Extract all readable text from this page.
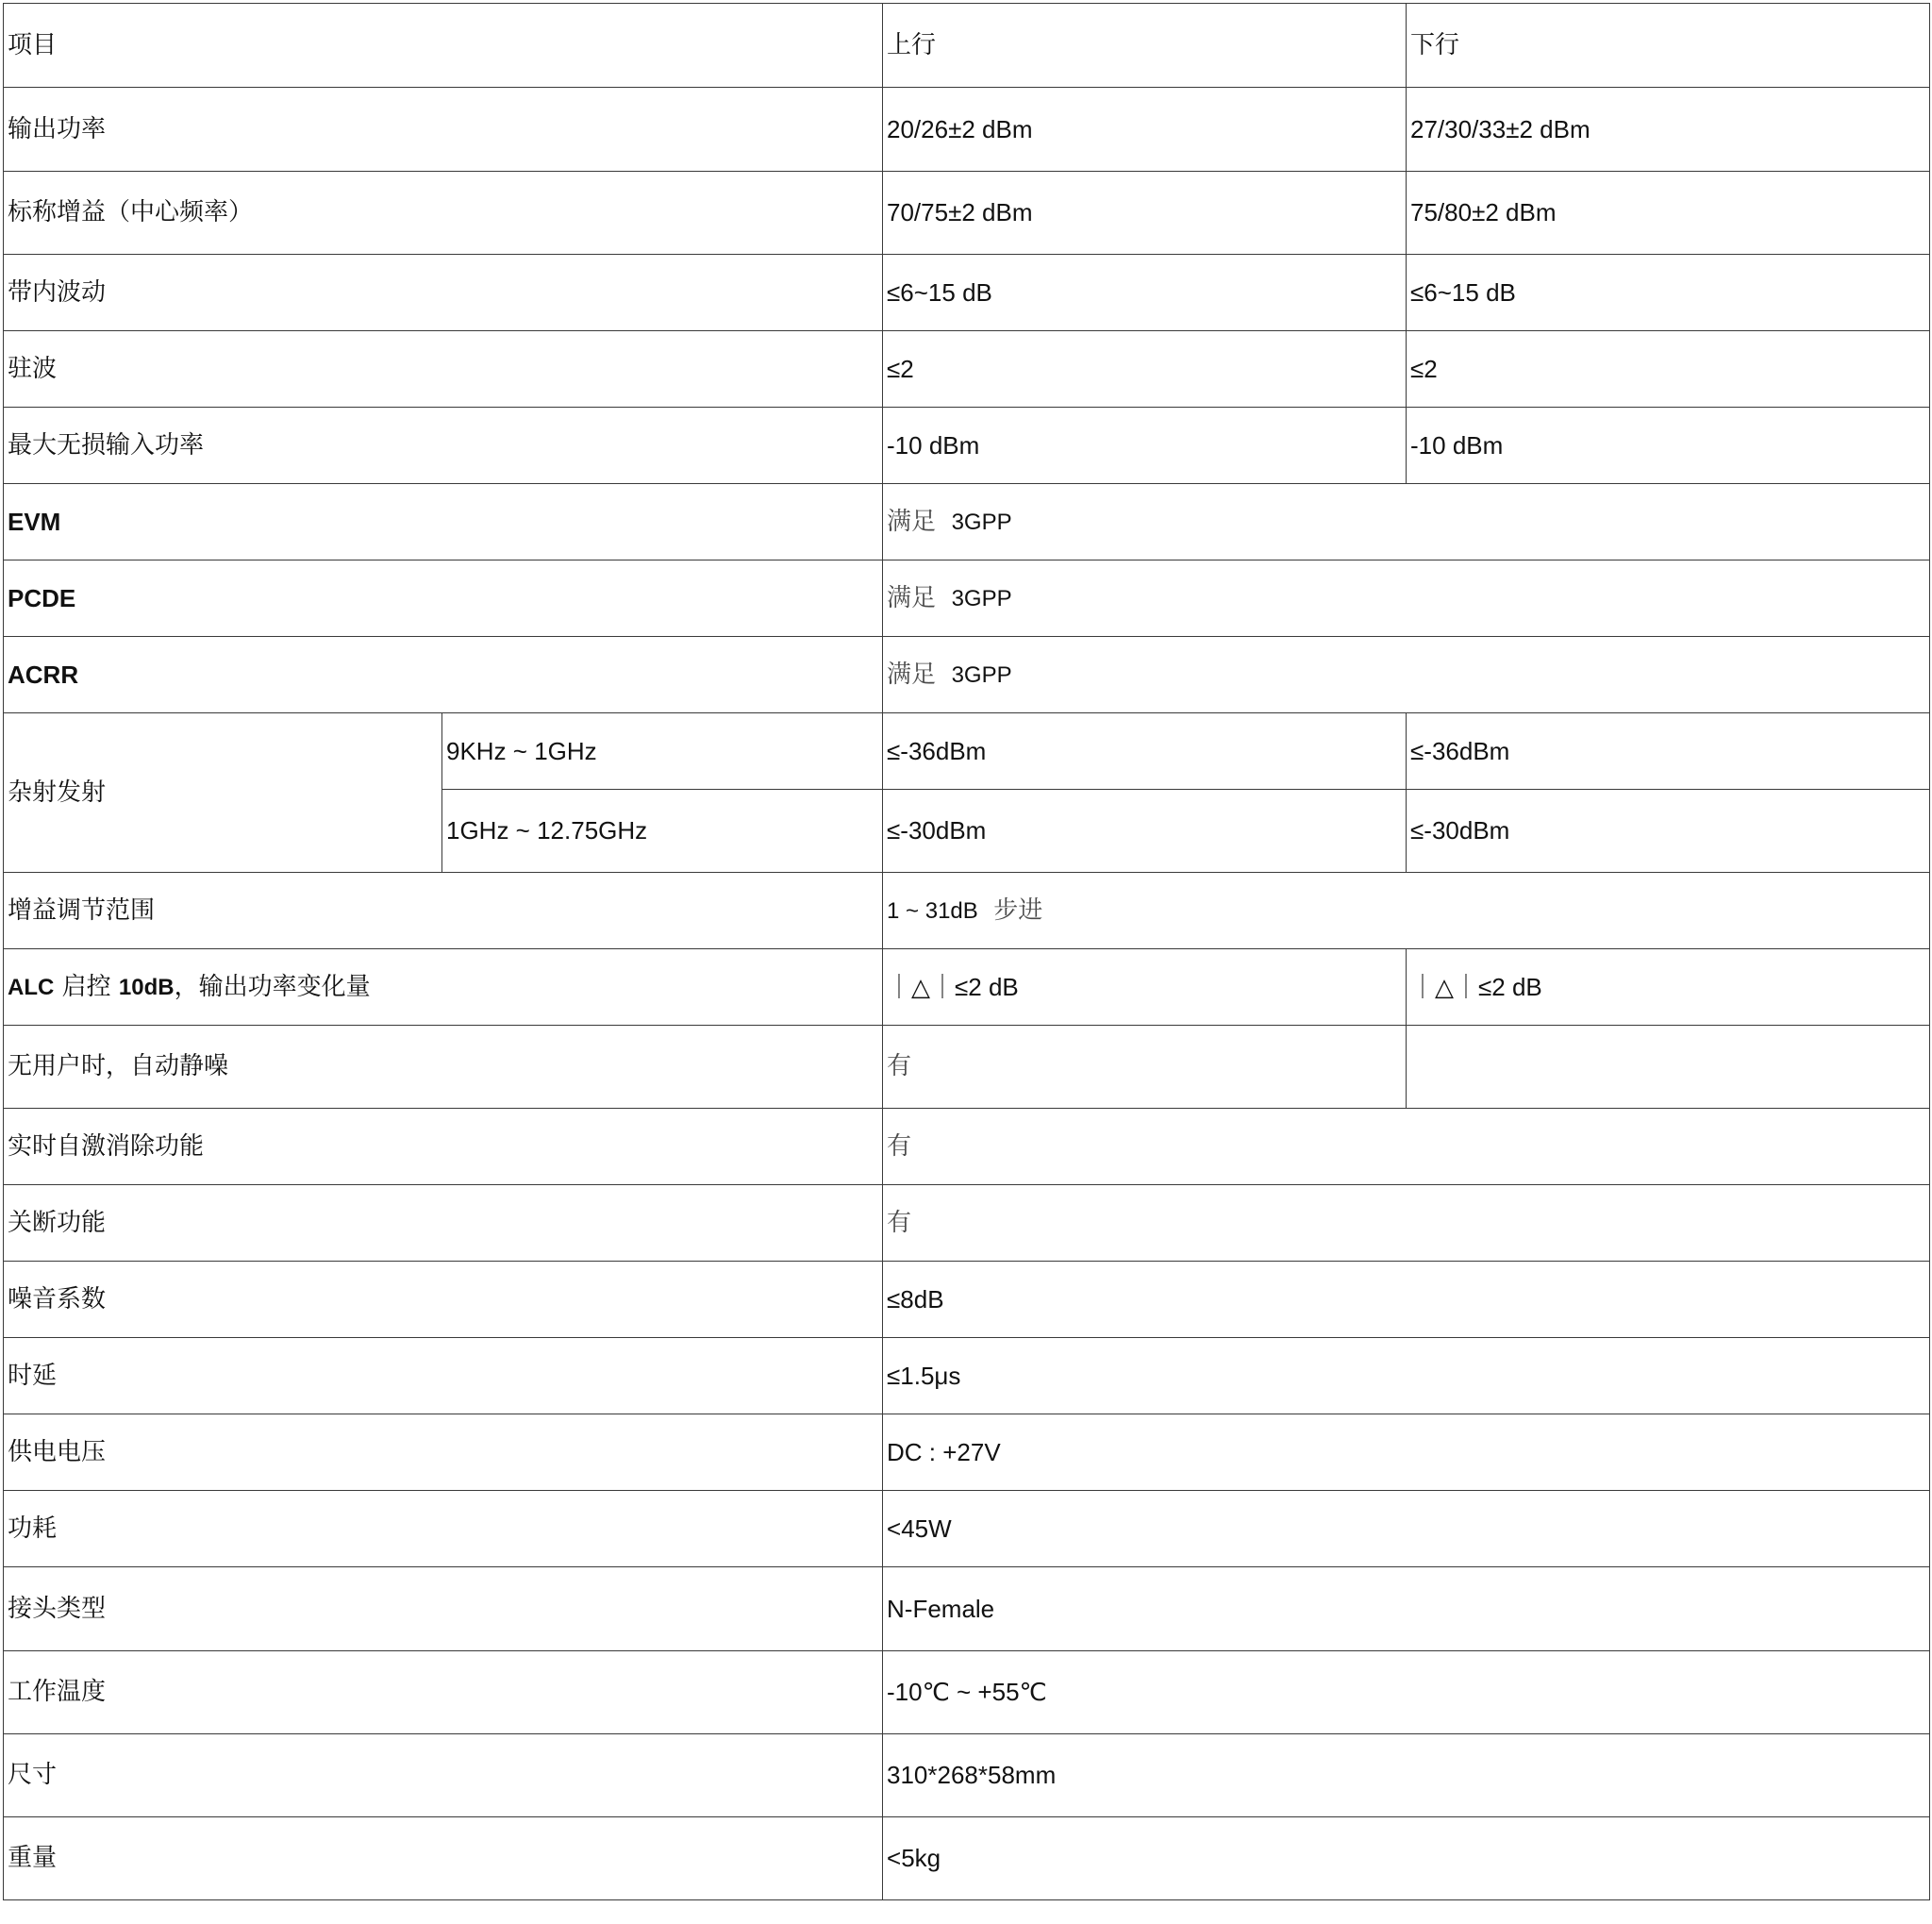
项目		上行	下行
输出功率		20/26±2 dBm	27/30/33±2 dBm
标称增益（中心频率）		70/75±2 dBm	75/80±2 dBm
带内波动		≤6~15 dB	≤6~15 dB
驻波		≤2	≤2
最大无损输入功率		-10 dBm	-10 dBm
EVM		满足 3GPP	
PCDE		满足 3GPP	
ACRR		满足 3GPP	
杂射发射	9KHz ~ 1GHz	≤-36dBm	≤-36dBm
	1GHz ~ 12.75GHz	≤-30dBm	≤-30dBm
增益调节范围		1 ~ 31dB 步进	
ALC 启控 10dB，输出功率变化量		｜△｜≤2 dB	｜△｜≤2 dB
无用户时，自动静噪		有	
实时自激消除功能		有	
关断功能		有	
噪音系数		≤8dB	
时延		≤1.5μs	
供电电压		DC : +27V	
功耗		<45W	
接头类型		N-Female	
工作温度		-10℃ ~ +55℃	
尺寸		310*268*58mm	
重量		<5kg	
